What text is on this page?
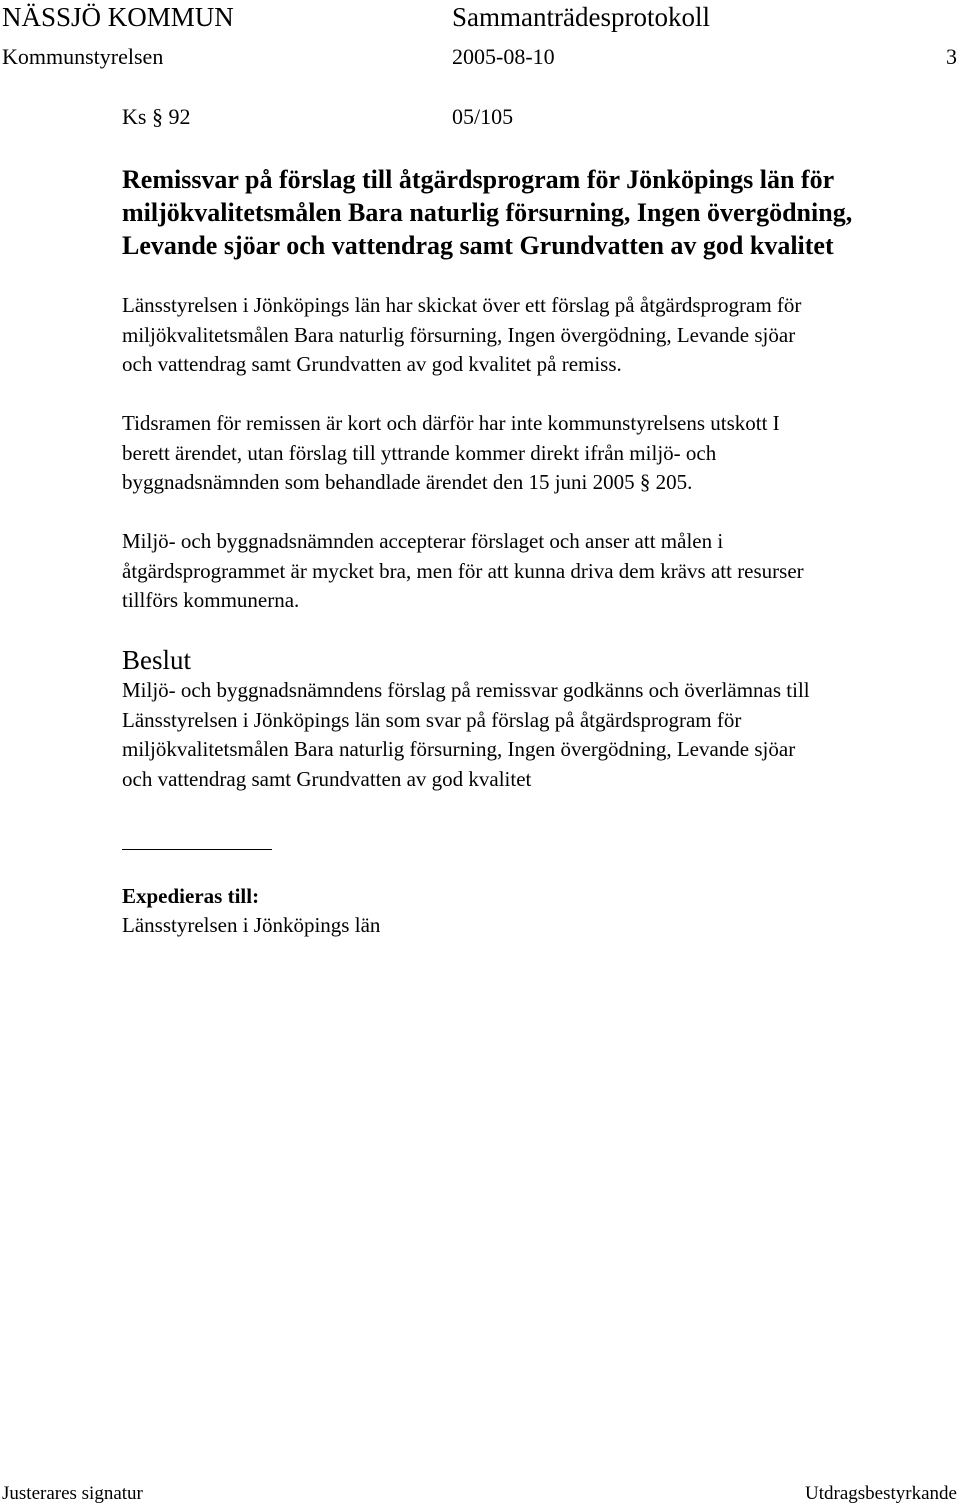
NÄSSJÖ KOMMUN	Sammanträdesprotokoll
Kommunstyrelsen	2005-08-10	3
Ks § 92	05/105
Remissvar på förslag till åtgärdsprogram för Jönköpings län för
miljökvalitetsmålen Bara naturlig försurning, Ingen övergödning,
Levande sjöar och vattendrag samt Grundvatten av god kvalitet
Länsstyrelsen i Jönköpings län har skickat över ett förslag på åtgärdsprogram för
miljökvalitetsmålen Bara naturlig försurning, Ingen övergödning, Levande sjöar
och vattendrag samt Grundvatten av god kvalitet på remiss.
Tidsramen för remissen är kort och därför har inte kommunstyrelsens utskott I
berett ärendet, utan förslag till yttrande kommer direkt ifrån miljö- och
byggnadsnämnden som behandlade ärendet den 15 juni 2005 § 205.
Miljö- och byggnadsnämnden accepterar förslaget och anser att målen i
åtgärdsprogrammet är mycket bra, men för att kunna driva dem krävs att resurser
tillförs kommunerna.
Beslut
Miljö- och byggnadsnämndens förslag på remissvar godkänns och överlämnas till
Länsstyrelsen i Jönköpings län som svar på förslag på åtgärdsprogram för
miljökvalitetsmålen Bara naturlig försurning, Ingen övergödning, Levande sjöar
och vattendrag samt Grundvatten av god kvalitet
Expedieras till:
Länsstyrelsen i Jönköpings län
Justerares signatur	Utdragsbestyrkande
